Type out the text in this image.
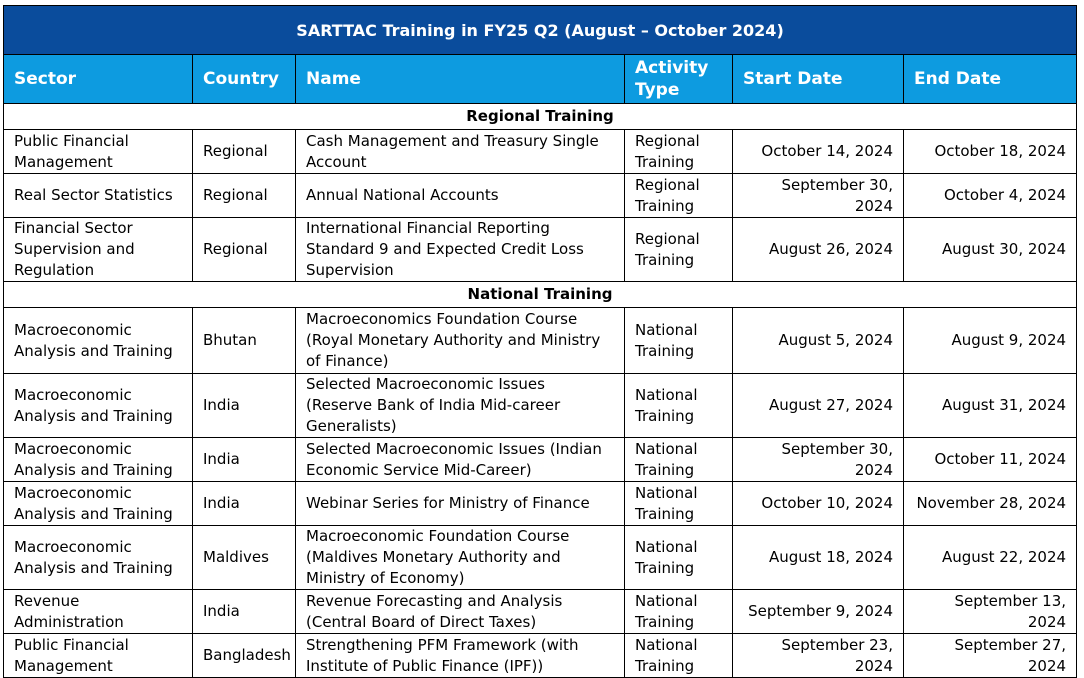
SARTTAC Training in FY25 Q2 (August – October 2024)					
Sector	Country	Name	Activity Type	Start Date	End Date
Regional Training					
Public Financial Management	Regional	Cash Management and Treasury Single Account	Regional Training	October 14, 2024	October 18, 2024
Real Sector Statistics	Regional	Annual National Accounts	Regional Training	September 30, 2024	October 4, 2024
Financial Sector Supervision and Regulation	Regional	International Financial Reporting Standard 9 and Expected Credit Loss Supervision	Regional Training	August 26, 2024	August 30, 2024
National Training					
Macroeconomic Analysis and Training	Bhutan	Macroeconomics Foundation Course (Royal Monetary Authority and Ministry of Finance)	National Training	August 5, 2024	August 9, 2024
Macroeconomic Analysis and Training	India	Selected Macroeconomic Issues (Reserve Bank of India Mid-career Generalists)	National Training	August 27, 2024	August 31, 2024
Macroeconomic Analysis and Training	India	Selected Macroeconomic Issues (Indian Economic Service Mid-Career)	National Training	September 30, 2024	October 11, 2024
Macroeconomic Analysis and Training	India	Webinar Series for Ministry of Finance	National Training	October 10, 2024	November 28, 2024
Macroeconomic Analysis and Training	Maldives	Macroeconomic Foundation Course (Maldives Monetary Authority and Ministry of Economy)	National Training	August 18, 2024	August 22, 2024
Revenue Administration	India	Revenue Forecasting and Analysis (Central Board of Direct Taxes)	National Training	September 9, 2024	September 13, 2024
Public Financial Management	Bangladesh	Strengthening PFM Framework (with Institute of Public Finance (IPF))	National Training	September 23, 2024	September 27, 2024
